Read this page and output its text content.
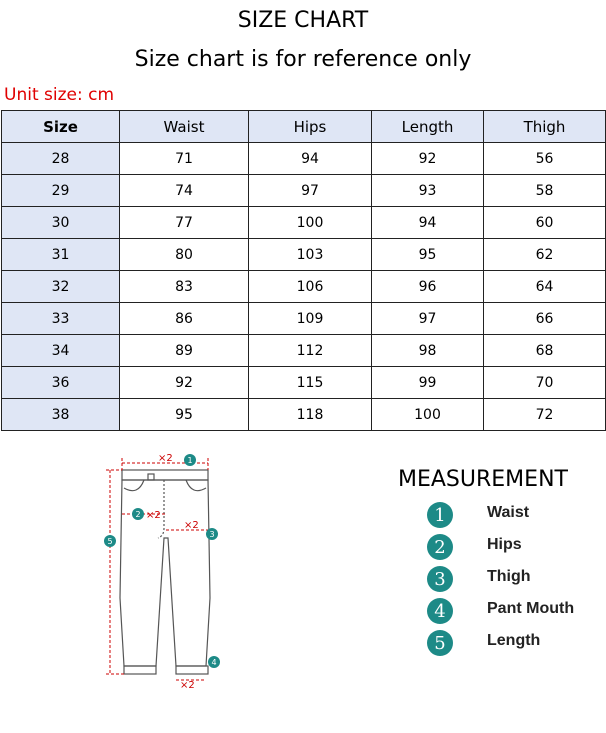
SIZE CHART
Size chart is for reference only
Unit size: cm
Size	Waist	Hips	Length	Thigh
28	71	94	92	56
29	74	97	93	58
30	77	100	94	60
31	80	103	95	62
32	83	106	96	64
33	86	109	97	66
34	89	112	98	68
36	92	115	99	70
38	95	118	100	72
×2
×2
×2
×2
1
2
3
4
5
MEASUREMENT
1	Waist
2	Hips
3	Thigh
4	Pant Mouth
5	Length
